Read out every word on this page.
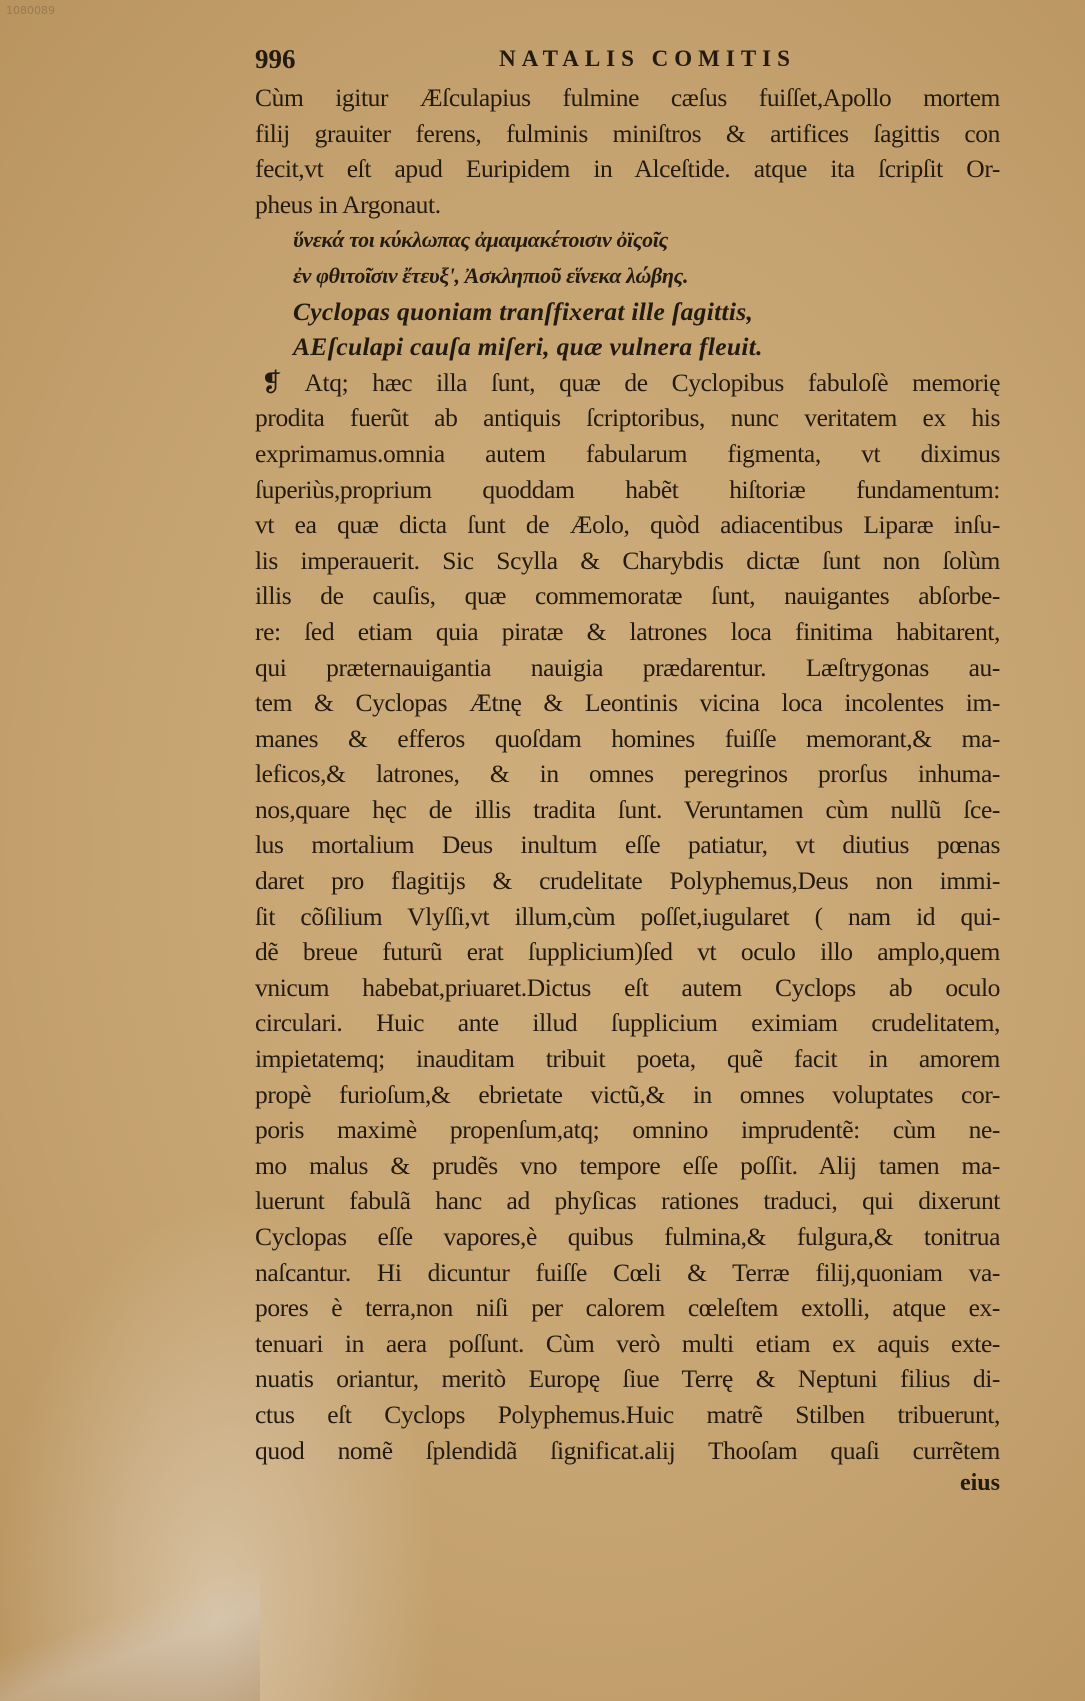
1080089
996	NATALIS COMITIS
Cùm igitur Æſculapius fulmine cæſus fuiſſet,Apollo mortem
filij grauiter ferens, fulminis miniſtros & artifices ſagittis con
fecit,vt eſt apud Euripidem in Alceſtide. atque ita ſcripſit Or-
pheus in Argonaut.
ὕνεκά τοι κύκλωπας ἀμαιμακέτοισιν ὀϊςοῖς
ἐν φθιτοῖσιν ἔτευξ', Ἀσκληπιοῦ εἵνεκα λώβης.
Cyclopas quoniam tranſfixerat ille ſagittis,
AEſculapi cauſa miſeri, quæ vulnera fleuit.
❡ Atq; hæc illa ſunt, quæ de Cyclopibus fabuloſè memorię
prodita fuerũt ab antiquis ſcriptoribus, nunc veritatem ex his
exprimamus.omnia autem fabularum figmenta, vt diximus
ſuperiùs,proprium quoddam habẽt hiſtoriæ fundamentum:
vt ea quæ dicta ſunt de Æolo, quòd adiacentibus Liparæ inſu-
lis imperauerit. Sic Scylla & Charybdis dictæ ſunt non ſolùm
illis de cauſis, quæ commemoratæ ſunt, nauigantes abſorbe-
re: ſed etiam quia piratæ & latrones loca finitima habitarent,
qui præternauigantia nauigia prædarentur. Læſtrygonas au-
tem & Cyclopas Ætnę & Leontinis vicina loca incolentes im-
manes & efferos quoſdam homines fuiſſe memorant,& ma-
leficos,& latrones, & in omnes peregrinos prorſus inhuma-
nos,quare hęc de illis tradita ſunt. Veruntamen cùm nullũ ſce-
lus mortalium Deus inultum eſſe patiatur, vt diutius pœnas
daret pro flagitijs & crudelitate Polyphemus,Deus non immi-
ſit cõſilium Vlyſſi,vt illum,cùm poſſet,iugularet ( nam id qui-
dẽ breue futurũ erat ſupplicium)ſed vt oculo illo amplo,quem
vnicum habebat,priuaret.Dictus eſt autem Cyclops ab oculo
circulari. Huic ante illud ſupplicium eximiam crudelitatem,
impietatemq; inauditam tribuit poeta, quẽ facit in amorem
propè furioſum,& ebrietate victũ,& in omnes voluptates cor-
poris maximè propenſum,atq; omnino imprudentẽ: cùm ne-
mo malus & prudẽs vno tempore eſſe poſſit. Alij tamen ma-
luerunt fabulã hanc ad phyſicas rationes traduci, qui dixerunt
Cyclopas eſſe vapores,è quibus fulmina,& fulgura,& tonitrua
naſcantur. Hi dicuntur fuiſſe Cœli & Terræ filij,quoniam va-
pores è terra,non niſi per calorem cœleſtem extolli, atque ex-
tenuari in aera poſſunt. Cùm verò multi etiam ex aquis exte-
nuatis oriantur, meritò Europę ſiue Terrę & Neptuni filius di-
ctus eſt Cyclops Polyphemus.Huic matrẽ Stilben tribuerunt,
quod nomẽ ſplendidã ſignificat.alij Thooſam quaſi currẽtem
eius
